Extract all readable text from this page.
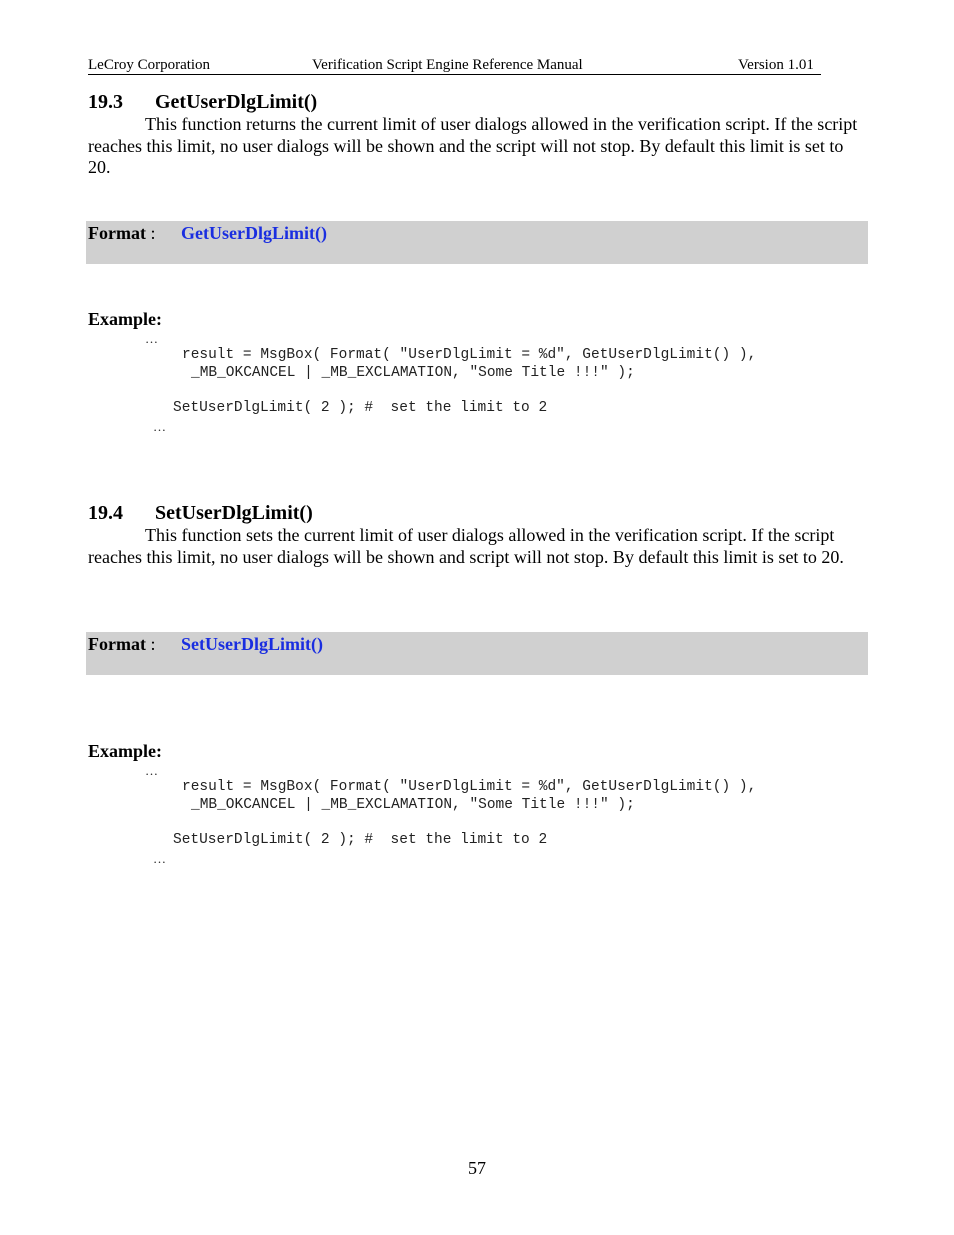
LeCroy Corporation	Verification Script Engine Reference Manual	Version 1.01
19.3 GetUserDlgLimit()

This function returns the current limit of user dialogs allowed in the verification script. If the script reaches this limit, no user dialogs will be shown and the script will not stop. By default this limit is set to 20.

Format : GetUserDlgLimit()
Example:
…
result = MsgBox( Format( "UserDlgLimit = %d", GetUserDlgLimit() ),
_MB_OKCANCEL | _MB_EXCLAMATION, "Some Title !!!" );
SetUserDlgLimit( 2 ); #  set the limit to 2
…
19.4 SetUserDlgLimit()

This function sets the current limit of user dialogs allowed in the verification script. If the script reaches this limit, no user dialogs will be shown and script will not stop. By default this limit is set to 20.

Format : SetUserDlgLimit()
Example:
…
result = MsgBox( Format( "UserDlgLimit = %d", GetUserDlgLimit() ),
_MB_OKCANCEL | _MB_EXCLAMATION, "Some Title !!!" );
SetUserDlgLimit( 2 ); #  set the limit to 2
…
57
